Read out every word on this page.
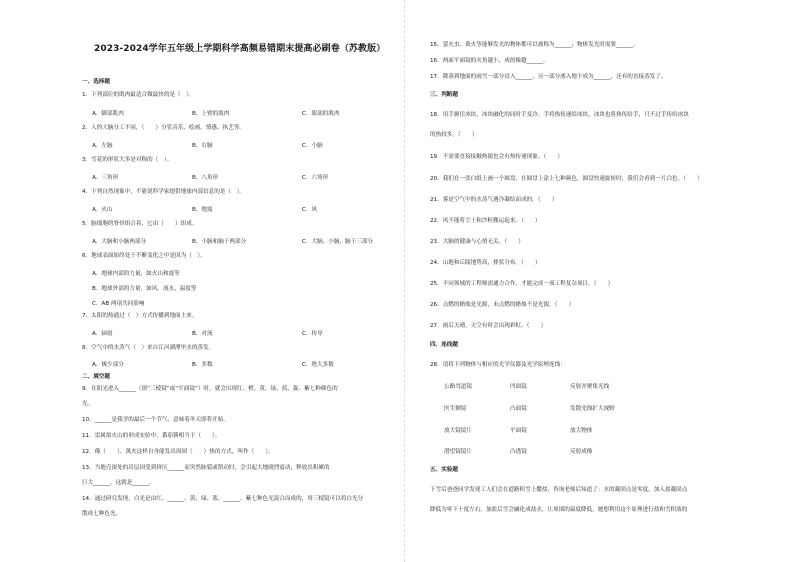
2023-2024学年五年级上学期科学高频易错期末提高必刷卷（苏教版）
一、选择题
1．下列部位的肌肉最适合做最快的是（　）。
A．脚部肌肉	B．上臂的肌肉	C．眼部的肌肉
2．人的大脑分工不同，（　　）分管音乐、绘画、情感、执艺等。
A．左脑	B．右脑	C．小脑
3．雪花的形状大多是对称的（　）。
A．三角形	B．八角形	C．六角形
4．下列自然现象中，不能说科学家提供地球内部信息的是（　）。
A．火山	B．地震	C．风
5．脑细胞的脊骨组合着，它由（　　）组成。
A．大脑和小脑两部分	B．小脑和脑干两部分	C．大脑、小脑、脑干三部分
6．地球表面始终处于不断变化之中是因为（　）。
A．地球内部的力量，如火山和震等
B．地球外部的力量，如风、流水、温度等
C．AB 两项共同影响
7．太阳的热通过（　）方式传播到地面上来。
A．辐射	B．对流	C．传导
8．空气中的水蒸气（　）来自江河湖潭里水的蒸发。
A．极少部分	B．多数	C．绝大多数
二、填空题
9．在阳光进入______（填“三棱镜”或“平面镜”）时，就会出现红、橙、黄、绿、蓝、靛、紫七种颜色的
光。
10．______是我学的最后一个节气，意味着冬天即将开始。
11．雷属拟火山的形成实验中，番茄酱相当于（　　）。
12．像（　　）、萬火这样自身能发出周围（　　）热的方式，叫作（　　）。
13．当地壳深处的岩层因受到挤压______而突然脉裂或错动时，会引起大地剧烈震动，释放出积累的
巨大______，这就是______。
14．通过研究发现，白光是由红、______、黄、绿、蓝、______、紫七种色光混合而成的，用三棱镜可以将白光分
散成七种色光。
15．萤火虫、萬火等能够发光的物体都可以被称为______；物体发光时需要______。
16．两面平面镜的夹角越小，成的像越______。
17．降落到地面的雨雪一部分浸入______，另一部分渗入地下成为______，还有的直接蒸发了。
三、判断题
18．用手握住冰块，冰块融化的同时手变冷。手将热传递给冰块，冰块也将热传给手，只不过手传给冰块
的热较多。（　　）
19．不需要直接接触热源也会有热传递现象。（　　）
20．我们在一张白纸上画一个圆盘，在圆盘上涂上七种颜色，圆盘快速旋转时，我们会看到一片白色。（　　）
21．雾是空气中的水蒸气遇冷凝结而成的。（　　）
22．风不能将尘土和沙粒搬运起来。（　　）
23．大脑的健康与心情无关。（　　）
24．山地和丘陵地势高，排状分布。（　　）
25．不同领域的工程师需通力合作，才能完成一项工程复杂项目。（　　）
26．点燃的蜡烛是光源，未点燃的蜡烛不是光源。（　　）
27．雨后天晴，天空有时会出现彩虹。（　　）
四、连线题
28．请将下列物体与相应的光学仪器及光学原理连线：
公路弯道镜	凹面镜	反射并聚集光线
医生额镜	凸面镜	发散光线扩大视野
放大镜镜片	平面镜	放大物体
潜望镜镜片	凸透镜	反射成像
五、实验题
下雪后爸爸同学发现工人们会在道路积雪上撒盐，咨询老师后知道了：水的凝固点是零度，加入盐凝固点
降低为零下十度左右。加盐后雪会融化成盐水，让周围的温度降低。她想利用这个原理进行盐和雪积液的
